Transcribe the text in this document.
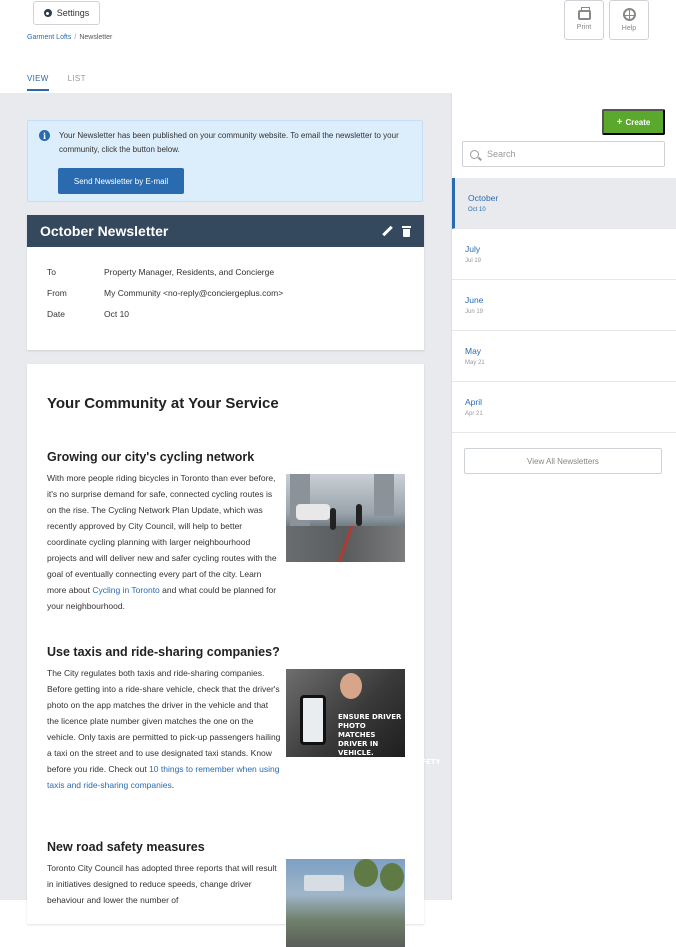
Settings
Garment Lofts / Newsletter
Print	Help
VIEW LIST
i	Your Newsletter has been published on your community website. To email the newsletter to your community, click the button below.

Send Newsletter by E-mail
October Newsletter
To	Property Manager, Residents, and Concierge
From	My Community <no-reply@conciergeplus.com>
Date	Oct 10
Your Community at Your Service
Growing our city's cycling network

With more people riding bicycles in Toronto than ever before, it's no surprise demand for safe, connected cycling routes is on the rise. The Cycling Network Plan Update, which was recently approved by City Council, will help to better coordinate cycling planning with larger neighbourhood projects and will deliver new and safer cycling routes with the goal of eventually connecting every part of the city. Learn more about Cycling in Toronto and what could be planned for your neighbourhood.

Use taxis and ride-sharing companies?

The City regulates both taxis and ride-sharing companies. Before getting into a ride-share vehicle, check that the driver's photo on the app matches the driver in the vehicle and that the licence plate number given matches the one on the vehicle. Only taxis are permitted to pick-up passengers hailing a taxi on the street and to use designated taxi stands. Know before you ride. Check out 10 things to remember when using taxis and ride-sharing companies.

ENSURE DRIVER PHOTO MATCHES DRIVER IN VEHICLE. TORONTO.CA/RIDESAFETY
New road safety measures

Toronto City Council has adopted three reports that will result in initiatives designed to reduce speeds, change driver behaviour and lower the number of

+ Create
Search
October
Oct 10
July
Jul 19
June
Jun 19
May
May 21
April
Apr 21
View All Newsletters
